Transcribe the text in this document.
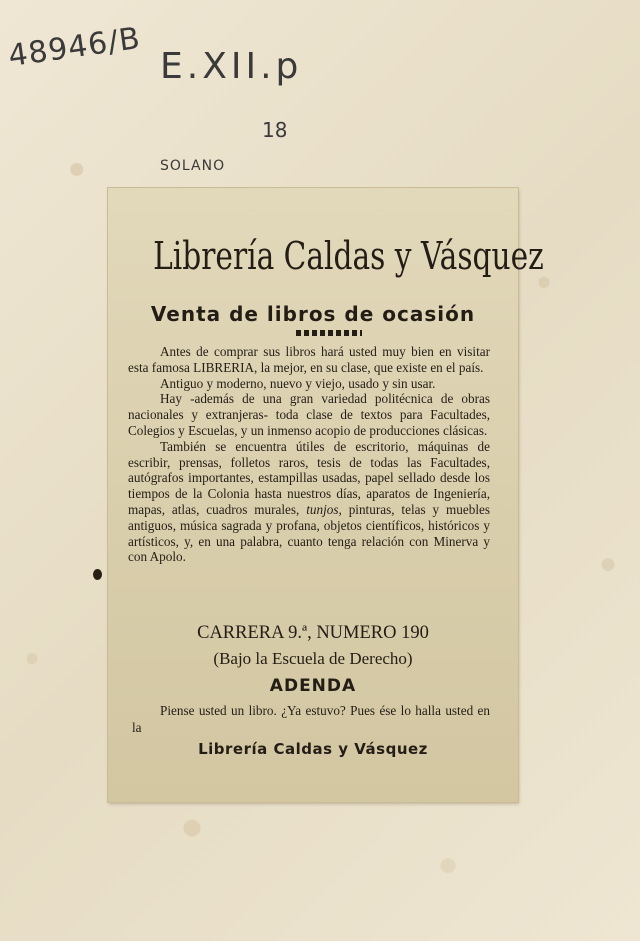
48946/B E.XII.p
18
SOLANO
Librería Caldas y Vásquez
Venta de libros de ocasión

Antes de comprar sus libros hará usted muy bien en visitar esta famosa LIBRERIA, la mejor, en su clase, que existe en el país.

Antiguo y moderno, nuevo y viejo, usado y sin usar.

Hay -además de una gran variedad politécnica de obras nacionales y extranjeras- toda clase de textos para Facultades, Colegios y Escuelas, y un inmenso acopio de producciones clásicas.

También se encuentra útiles de escritorio, máquinas de escribir, prensas, folletos raros, tesis de todas las Facultades, autógrafos importantes, estampillas usadas, papel sellado desde los tiempos de la Colonia hasta nuestros días, aparatos de Ingeniería, mapas, atlas, cuadros murales, tunjos, pinturas, telas y muebles antiguos, música sagrada y profana, objetos científicos, históricos y artísticos, y, en una palabra, cuanto tenga relación con Minerva y con Apolo.

CARRERA 9.ª, NUMERO 190
(Bajo la Escuela de Derecho)
ADENDA

Piense usted un libro. ¿Ya estuvo? Pues ése lo halla usted en la

Librería Caldas y Vásquez
